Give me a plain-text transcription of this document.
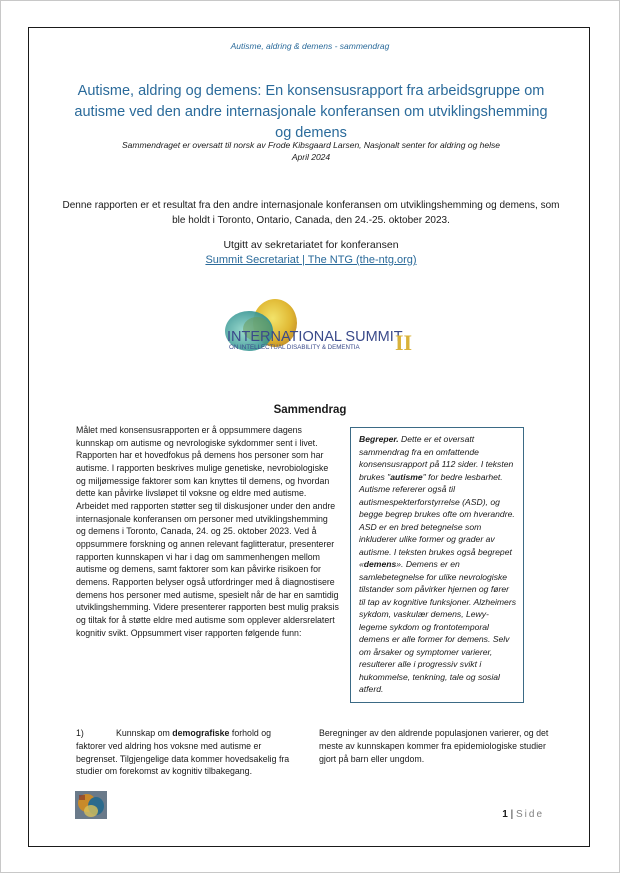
Autisme, aldring & demens - sammendrag
Autisme, aldring og demens: En konsensusrapport fra arbeidsgruppe om autisme ved den andre internasjonale konferansen om utviklingshemming og demens
Sammendraget er oversatt til norsk av Frode Kibsgaard Larsen, Nasjonalt senter for aldring og helse
April 2024
Denne rapporten er et resultat fra den andre internasjonale konferansen om utviklingshemming og demens, som ble holdt i Toronto, Ontario, Canada, den 24.-25. oktober 2023.
Utgitt av sekretariatet for konferansen
Summit Secretariat | The NTG (the-ntg.org)
INTERNATIONAL SUMMIT
ON INTELLECTUAL DISABILITY & DEMENTIA II
Sammendrag
Målet med konsensusrapporten er å oppsummere dagens kunnskap om autisme og nevrologiske sykdommer sent i livet. Rapporten har et hovedfokus på demens hos personer som har autisme. I rapporten beskrives mulige genetiske, nevrobiologiske og miljømessige faktorer som kan knyttes til demens, og hvordan dette kan påvirke livsløpet til voksne og eldre med autisme. Arbeidet med rapporten støtter seg til diskusjoner under den andre internasjonale konferansen om personer med utviklingshemming og demens i Toronto, Canada, 24. og 25. oktober 2023. Ved å oppsummere forskning og annen relevant faglitteratur, presenterer rapporten kunnskapen vi har i dag om sammenhengen mellom autisme og demens, samt faktorer som kan påvirke risikoen for demens. Rapporten belyser også utfordringer med å diagnostisere demens hos personer med autisme, spesielt når de har en samtidig utviklingshemming. Videre presenterer rapporten best mulig praksis og tiltak for å støtte eldre med autisme som opplever aldersrelatert kognitiv svikt. Oppsummert viser rapporten følgende funn:
Begreper. Dette er et oversatt sammendrag fra en omfattende konsensusrapport på 112 sider. I teksten brukes "autisme" for bedre lesbarhet. Autisme refererer også til autismespekterforstyrrelse (ASD), og begge begrep brukes ofte om hverandre. ASD er en bred betegnelse som inkluderer ulike former og grader av autisme. I teksten brukes også begrepet «demens». Demens er en samlebetegnelse for ulike nevrologiske tilstander som påvirker hjernen og fører til tap av kognitive funksjoner. Alzheimers sykdom, vaskulær demens, Lewy-legeme sykdom og frontotemporal demens er alle former for demens. Selv om årsaker og symptomer varierer, resulterer alle i progressiv svikt i hukommelse, tenkning, tale og sosial atferd.
1)	Kunnskap om demografiske forhold og faktorer ved aldring hos voksne med autisme er begrenset. Tilgjengelige data kommer hovedsakelig fra studier om forekomst av kognitiv tilbakegang.
Beregninger av den aldrende populasjonen varierer, og det meste av kunnskapen kommer fra epidemiologiske studier gjort på barn eller ungdom.
1 | Side
